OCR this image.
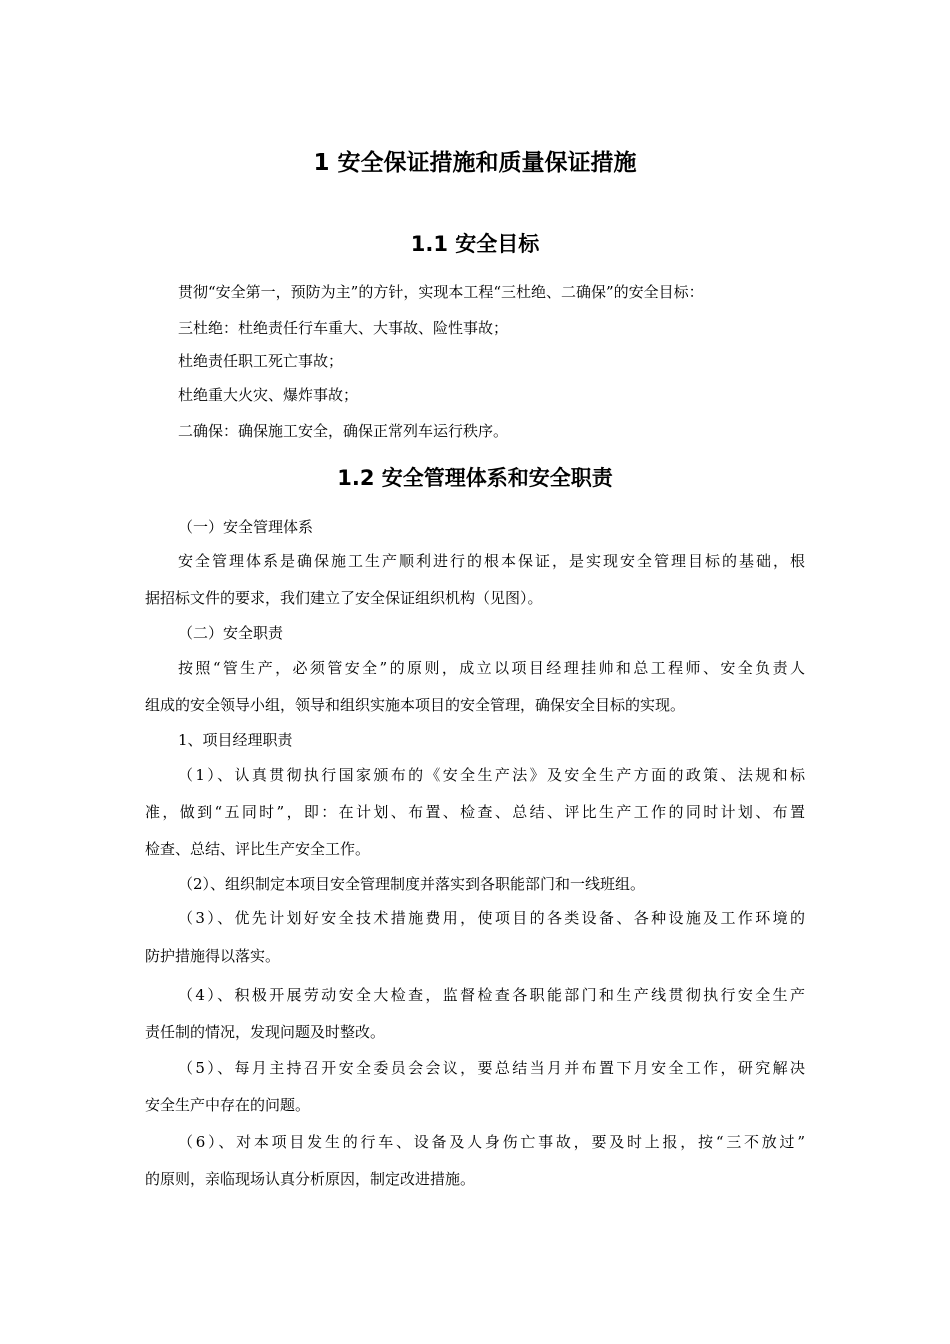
1 安全保证措施和质量保证措施
1.1 安全目标
贯彻“安全第一，预防为主”的方针，实现本工程“三杜绝、二确保”的安全目标：
三杜绝：杜绝责任行车重大、大事故、险性事故；
杜绝责任职工死亡事故；
杜绝重大火灾、爆炸事故；
二确保：确保施工安全，确保正常列车运行秩序。
1.2 安全管理体系和安全职责
（一）安全管理体系
安全管理体系是确保施工生产顺利进行的根本保证，是实现安全管理目标的基础，根
据招标文件的要求，我们建立了安全保证组织机构（见图）。
（二）安全职责
按照“管生产，必须管安全”的原则，成立以项目经理挂帅和总工程师、安全负责人
组成的安全领导小组，领导和组织实施本项目的安全管理，确保安全目标的实现。
1、项目经理职责
（1）、认真贯彻执行国家颁布的《安全生产法》及安全生产方面的政策、法规和标
准，做到“五同时”，即：在计划、布置、检查、总结、评比生产工作的同时计划、布置
检查、总结、评比生产安全工作。
（2）、组织制定本项目安全管理制度并落实到各职能部门和一线班组。
（3）、优先计划好安全技术措施费用，使项目的各类设备、各种设施及工作环境的
防护措施得以落实。
（4）、积极开展劳动安全大检查，监督检查各职能部门和生产线贯彻执行安全生产
责任制的情况，发现问题及时整改。
（5）、每月主持召开安全委员会会议，要总结当月并布置下月安全工作，研究解决
安全生产中存在的问题。
（6）、对本项目发生的行车、设备及人身伤亡事故，要及时上报，按“三不放过”
的原则，亲临现场认真分析原因，制定改进措施。
